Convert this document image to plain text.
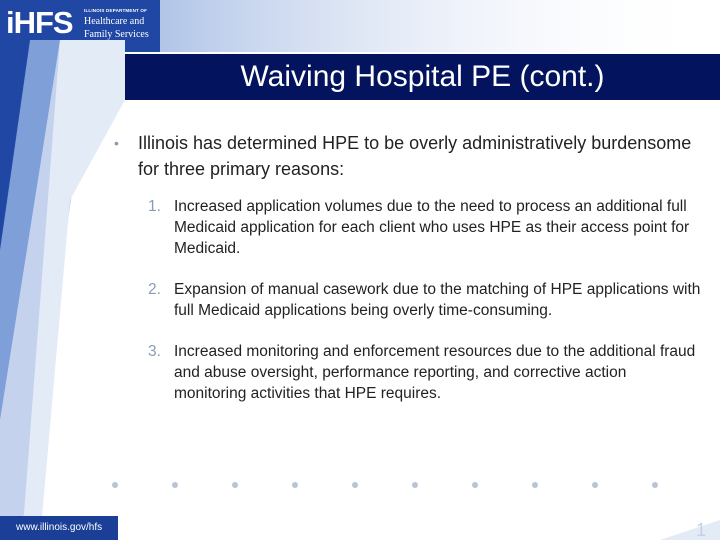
iHFS	ILLINOIS DEPARTMENT OF
Healthcare and
Family Services
Waiving Hospital PE (cont.)
• Illinois has determined HPE to be overly administratively burdensome for three primary reasons:
1. Increased application volumes due to the need to process an additional full Medicaid application for each client who uses HPE as their access point for Medicaid.
2. Expansion of manual casework due to the matching of HPE applications with full Medicaid applications being overly time-consuming.
3. Increased monitoring and enforcement resources due to the additional fraud and abuse oversight, performance reporting, and corrective action monitoring activities that HPE requires.
www.illinois.gov/hfs	1
